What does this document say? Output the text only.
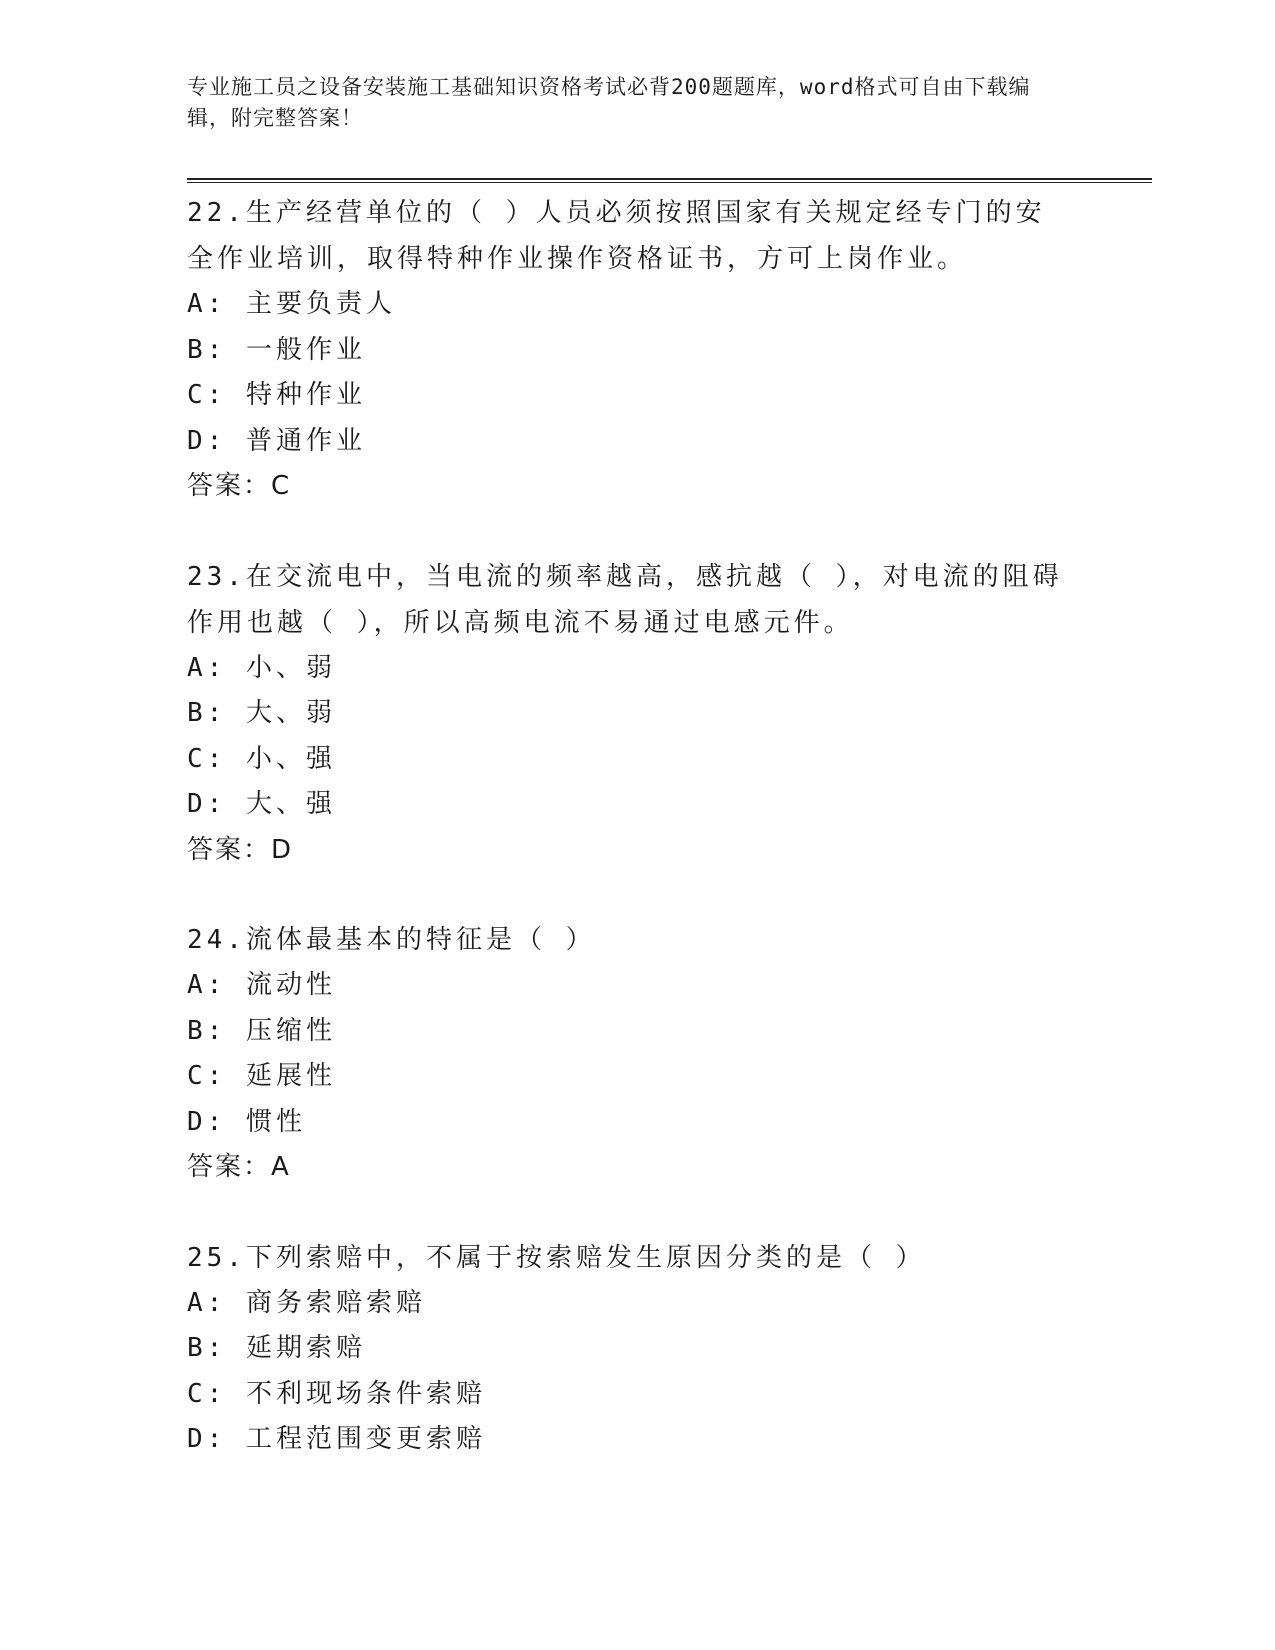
专业施工员之设备安装施工基础知识资格考试必背200题题库，word格式可自由下载编辑，附完整答案！
22.生产经营单位的（ ）人员必须按照国家有关规定经专门的安全作业培训，取得特种作业操作资格证书，方可上岗作业。
A: 主要负责人
B: 一般作业
C: 特种作业
D: 普通作业
答案：C
23.在交流电中，当电流的频率越高，感抗越（ ），对电流的阻碍作用也越（ ），所以高频电流不易通过电感元件。
A: 小、弱
B: 大、弱
C: 小、强
D: 大、强
答案：D
24.流体最基本的特征是（ ）
A: 流动性
B: 压缩性
C: 延展性
D: 惯性
答案：A
25.下列索赔中，不属于按索赔发生原因分类的是（ ）
A: 商务索赔索赔
B: 延期索赔
C: 不利现场条件索赔
D: 工程范围变更索赔
